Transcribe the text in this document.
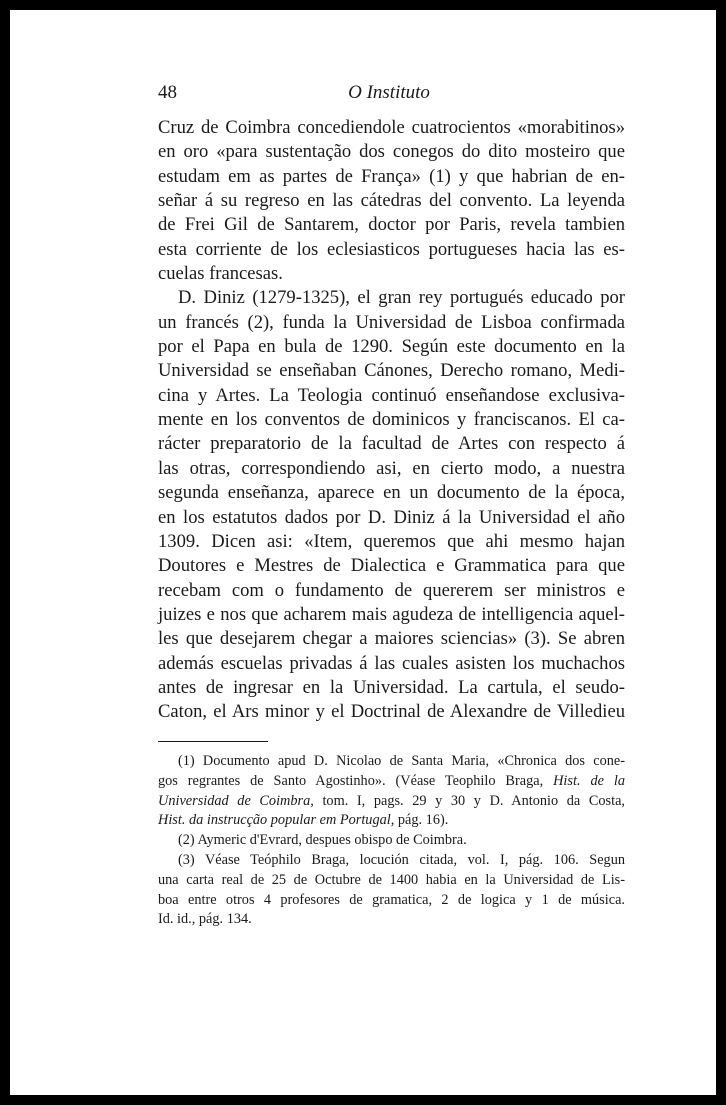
48	O Instituto
Cruz de Coimbra concediendole cuatrocientos «morabitinos»
en oro «para sustentação dos conegos do dito mosteiro que
estudam em as partes de França» (1) y que habrian de en-
señar á su regreso en las cátedras del convento. La leyenda
de Frei Gil de Santarem, doctor por Paris, revela tambien
esta corriente de los eclesiasticos portugueses hacia las es-
cuelas francesas.
D. Diniz (1279-1325), el gran rey portugués educado por
un francés (2), funda la Universidad de Lisboa confirmada
por el Papa en bula de 1290. Según este documento en la
Universidad se enseñaban Cánones, Derecho romano, Medi-
cina y Artes. La Teologia continuó enseñandose exclusiva-
mente en los conventos de dominicos y franciscanos. El ca-
rácter preparatorio de la facultad de Artes con respecto á
las otras, correspondiendo asi, en cierto modo, a nuestra
segunda enseñanza, aparece en un documento de la época,
en los estatutos dados por D. Diniz á la Universidad el año
1309. Dicen asi: «Item, queremos que ahi mesmo hajan
Doutores e Mestres de Dialectica e Grammatica para que
recebam com o fundamento de quererem ser ministros e
juizes e nos que acharem mais agudeza de intelligencia aquel-
les que desejarem chegar a maiores sciencias» (3). Se abren
además escuelas privadas á las cuales asisten los muchachos
antes de ingresar en la Universidad. La cartula, el seudo-
Caton, el Ars minor y el Doctrinal de Alexandre de Villedieu
(1) Documento apud D. Nicolao de Santa Maria, «Chronica dos cone-
gos regrantes de Santo Agostinho». (Véase Teophilo Braga, Hist. de la
Universidad de Coimbra, tom. I, pags. 29 y 30 y D. Antonio da Costa,
Hist. da instrucção popular em Portugal, pág. 16).
(2) Aymeric d'Evrard, despues obispo de Coimbra.
(3) Véase Teóphilo Braga, locución citada, vol. I, pág. 106. Segun
una carta real de 25 de Octubre de 1400 habia en la Universidad de Lis-
boa entre otros 4 profesores de gramatica, 2 de logica y 1 de música.
Id. id., pág. 134.
